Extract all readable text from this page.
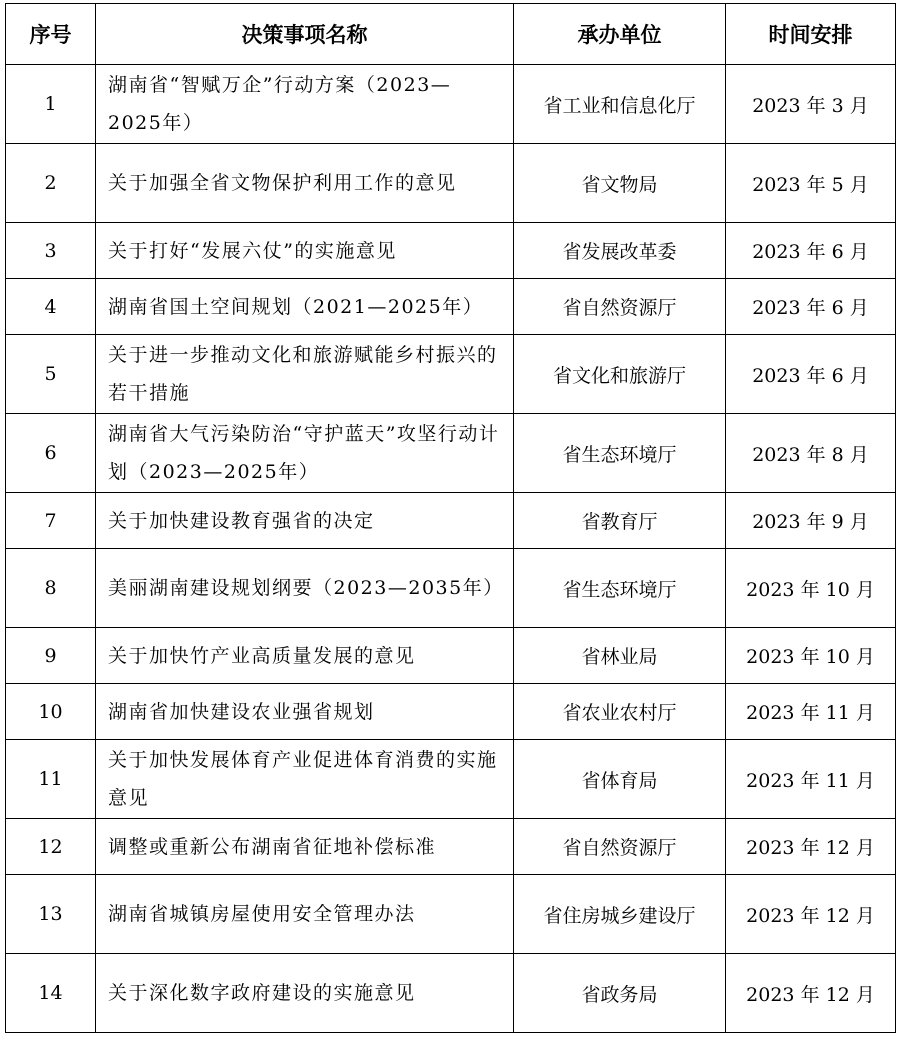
序号	决策事项名称	承办单位	时间安排
1	湖南省“智赋万企”行动方案（2023—2025年）	省工业和信息化厅	2023 年 3 月
2	关于加强全省文物保护利用工作的意见	省文物局	2023 年 5 月
3	关于打好“发展六仗”的实施意见	省发展改革委	2023 年 6 月
4	湖南省国土空间规划（2021—2025年）	省自然资源厅	2023 年 6 月
5	关于进一步推动文化和旅游赋能乡村振兴的若干措施	省文化和旅游厅	2023 年 6 月
6	湖南省大气污染防治“守护蓝天”攻坚行动计划（2023—2025年）	省生态环境厅	2023 年 8 月
7	关于加快建设教育强省的决定	省教育厅	2023 年 9 月
8	美丽湖南建设规划纲要（2023—2035年）	省生态环境厅	2023 年 10 月
9	关于加快竹产业高质量发展的意见	省林业局	2023 年 10 月
10	湖南省加快建设农业强省规划	省农业农村厅	2023 年 11 月
11	关于加快发展体育产业促进体育消费的实施意见	省体育局	2023 年 11 月
12	调整或重新公布湖南省征地补偿标准	省自然资源厅	2023 年 12 月
13	湖南省城镇房屋使用安全管理办法	省住房城乡建设厅	2023 年 12 月
14	关于深化数字政府建设的实施意见	省政务局	2023 年 12 月
